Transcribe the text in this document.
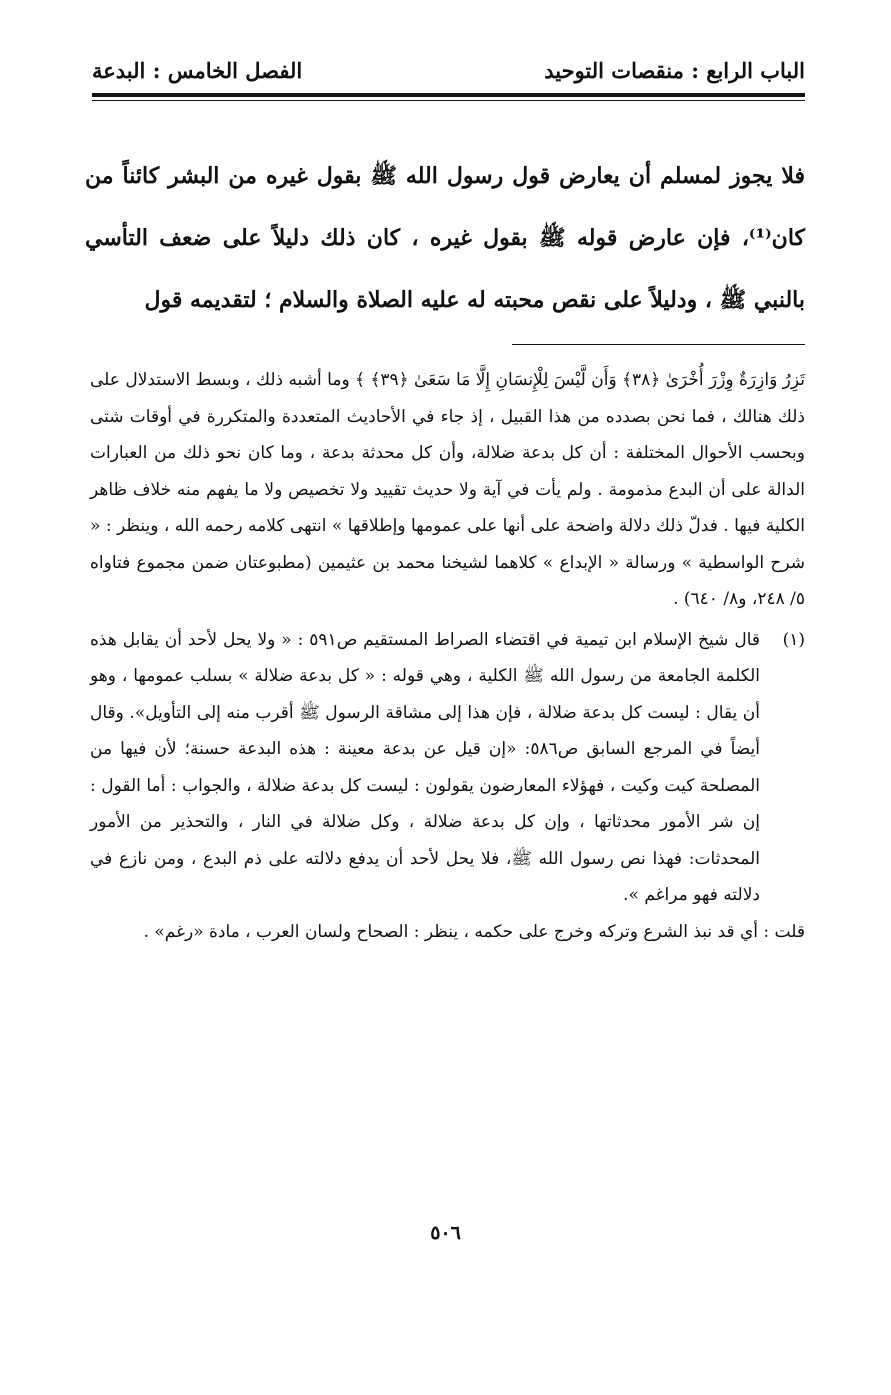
الباب الرابع : منقصات التوحيد
الفصل الخامس : البدعة

فلا يجوز لمسلم أن يعارض قول رسول الله ﷺ بقول غيره من البشر كائناً من كان⁽¹⁾، فإن عارض قوله ﷺ بقول غيره ، كان ذلك دليلاً على ضعف التأسي بالنبي ﷺ ، ودليلاً على نقص محبته له عليه الصلاة والسلام ؛ لتقديمه قول

تَزِرُ وَازِرَةٌ وِزْرَ أُخْرَىٰ ﴿٣٨﴾ وَأَن لَّيْسَ لِلْإِنسَانِ إِلَّا مَا سَعَىٰ ﴿٣٩﴾ ﴾ وما أشبه ذلك ، وبسط الاستدلال على ذلك هنالك ، فما نحن بصدده من هذا القبيل ، إذ جاء في الأحاديث المتعددة والمتكررة في أوقات شتى وبحسب الأحوال المختلفة : أن كل بدعة ضلالة، وأن كل محدثة بدعة ، وما كان نحو ذلك من العبارات الدالة على أن البدع مذمومة . ولم يأت في آية ولا حديث تقييد ولا تخصيص ولا ما يفهم منه خلاف ظاهر الكلية فيها . فدلّ ذلك دلالة واضحة على أنها على عمومها وإطلاقها » انتهى كلامه رحمه الله ، وينظر : « شرح الواسطية » ورسالة « الإبداع » كلاهما لشيخنا محمد بن عثيمين (مطبوعتان ضمن مجموع فتاواه ٥/ ٢٤٨، و٨/ ٦٤٠) .

(١)
قال شيخ الإسلام ابن تيمية في اقتضاء الصراط المستقيم ص٥٩١ : « ولا يحل لأحد أن يقابل هذه الكلمة الجامعة من رسول الله ﷺ الكلية ، وهي قوله : « كل بدعة ضلالة » بسلب عمومها ، وهو أن يقال : ليست كل بدعة ضلالة ، فإن هذا إلى مشاقة الرسول ﷺ أقرب منه إلى التأويل». وقال أيضاً في المرجع السابق ص٥٨٦: «إن قيل عن بدعة معينة : هذه البدعة حسنة؛ لأن فيها من المصلحة كيت وكيت ، فهؤلاء المعارضون يقولون : ليست كل بدعة ضلالة ، والجواب : أما القول : إن شر الأمور محدثاتها ، وإن كل بدعة ضلالة ، وكل ضلالة في النار ، والتحذير من الأمور المحدثات: فهذا نص رسول الله ﷺ، فلا يحل لأحد أن يدفع دلالته على ذم البدع ، ومن نازع في دلالته فهو مراغم ».

قلت : أي قد نبذ الشرع وتركه وخرج على حكمه ، ينظر : الصحاح ولسان العرب ، مادة «رغم» .

٥٠٦
